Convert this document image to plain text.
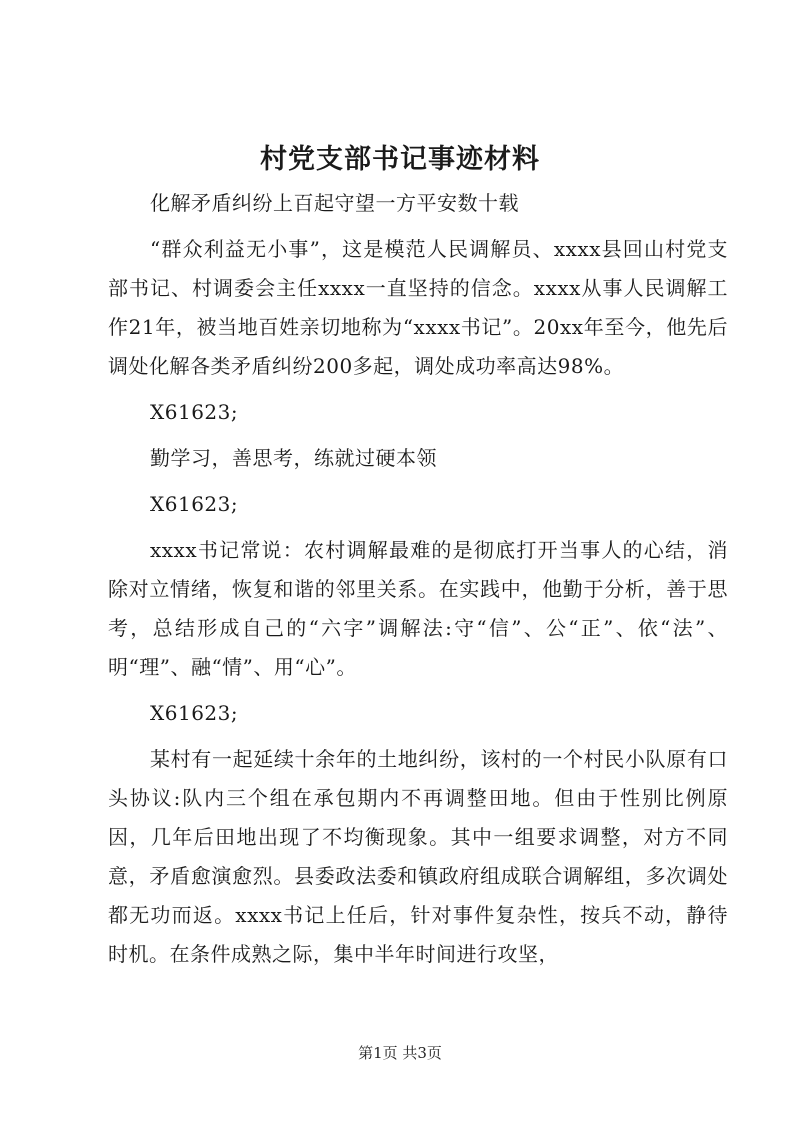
村党支部书记事迹材料

化解矛盾纠纷上百起守望一方平安数十载

“群众利益无小事”，这是模范人民调解员、xxxx县回山村党支部书记、村调委会主任xxxx一直坚持的信念。xxxx从事人民调解工作21年，被当地百姓亲切地称为“xxxx书记”。20xx年至今，他先后调处化解各类矛盾纠纷200多起，调处成功率高达98%。

X61623;

勤学习，善思考，练就过硬本领

X61623;

xxxx书记常说：农村调解最难的是彻底打开当事人的心结，消除对立情绪，恢复和谐的邻里关系。在实践中，他勤于分析，善于思考，总结形成自己的“六字”调解法:守“信”、公“正”、依“法”、明“理”、融“情”、用“心”。

X61623;

某村有一起延续十余年的土地纠纷，该村的一个村民小队原有口头协议:队内三个组在承包期内不再调整田地。但由于性别比例原因，几年后田地出现了不均衡现象。其中一组要求调整，对方不同意，矛盾愈演愈烈。县委政法委和镇政府组成联合调解组，多次调处都无功而返。xxxx书记上任后，针对事件复杂性，按兵不动，静待时机。在条件成熟之际，集中半年时间进行攻坚，

第1页 共3页
